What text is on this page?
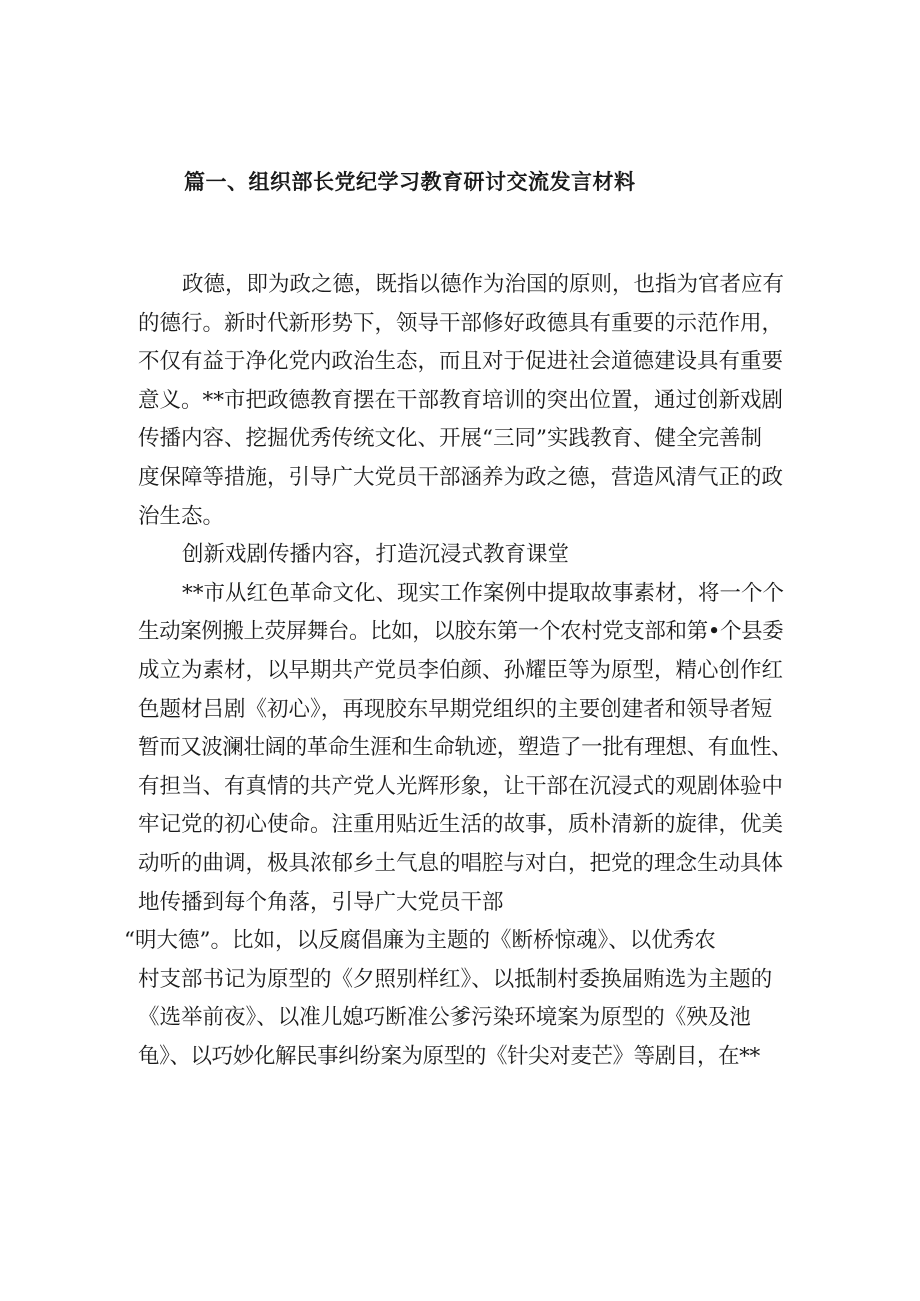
篇一、组织部长党纪学习教育研讨交流发言材料

政德，即为政之德，既指以德作为治国的原则，也指为官者应有

的德行。新时代新形势下，领导干部修好政德具有重要的示范作用，

不仅有益于净化党内政治生态，而且对于促进社会道德建设具有重要

意义。**市把政德教育摆在干部教育培训的突出位置，通过创新戏剧

传播内容、挖掘优秀传统文化、开展“三同”实践教育、健全完善制

度保障等措施，引导广大党员干部涵养为政之德，营造风清气正的政

治生态。

创新戏剧传播内容，打造沉浸式教育课堂

**市从红色革命文化、现实工作案例中提取故事素材，将一个个

生动案例搬上荧屏舞台。比如，以胶东第一个农村党支部和第•个县委

成立为素材，以早期共产党员李伯颜、孙耀臣等为原型，精心创作红

色题材吕剧《初心》，再现胶东早期党组织的主要创建者和领导者短

暂而又波澜壮阔的革命生涯和生命轨迹，塑造了一批有理想、有血性、

有担当、有真情的共产党人光辉形象，让干部在沉浸式的观剧体验中

牢记党的初心使命。注重用贴近生活的故事，质朴清新的旋律，优美

动听的曲调，极具浓郁乡土气息的唱腔与对白，把党的理念生动具体

地传播到每个角落，引导广大党员干部

“明大德”。比如，以反腐倡廉为主题的《断桥惊魂》、以优秀农

村支部书记为原型的《夕照别样红》、以抵制村委换届贿选为主题的

《选举前夜》、以准儿媳巧断准公爹污染环境案为原型的《殃及池

龟》、以巧妙化解民事纠纷案为原型的《针尖对麦芒》等剧目，在**
